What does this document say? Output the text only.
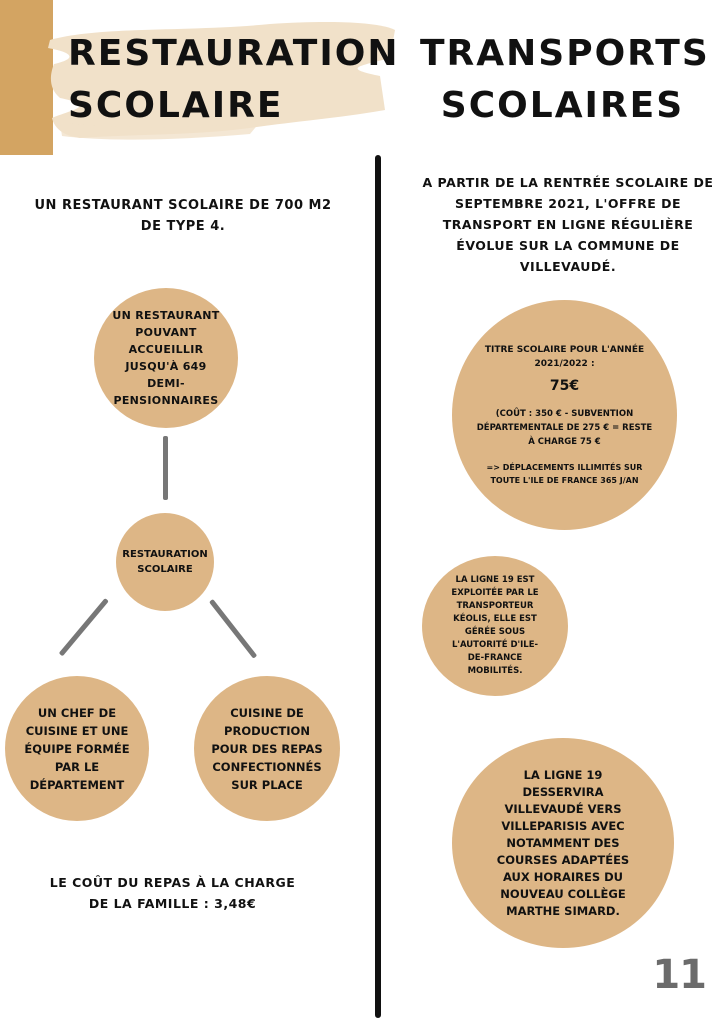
RESTAURATION
SCOLAIRE
TRANSPORTS
SCOLAIRES
UN RESTAURANT SCOLAIRE DE 700 M2 DE TYPE 4.
UN RESTAURANT POUVANT ACCUEILLIR JUSQU'À 649 DEMI-PENSIONNAIRES
RESTAURATION SCOLAIRE
UN CHEF DE CUISINE ET UNE ÉQUIPE FORMÉE PAR LE DÉPARTEMENT
CUISINE DE PRODUCTION POUR DES REPAS CONFECTIONNÉS SUR PLACE
LE COÛT DU REPAS À LA CHARGE DE LA FAMILLE : 3,48€
A PARTIR DE LA RENTRÉE SCOLAIRE DE SEPTEMBRE 2021, L'OFFRE DE TRANSPORT EN LIGNE RÉGULIÈRE ÉVOLUE SUR LA COMMUNE DE VILLEVAUDÉ.
TITRE SCOLAIRE POUR L'ANNÉE 2021/2022 :
75€
(COÛT : 350 € - SUBVENTION DÉPARTEMENTALE DE 275 € = RESTE À CHARGE 75 €
=> DÉPLACEMENTS ILLIMITÉS SUR TOUTE L'ILE DE FRANCE 365 J/AN
LA LIGNE 19 EST EXPLOITÉE PAR LE TRANSPORTEUR KÉOLIS, ELLE EST GÉRÉE SOUS L'AUTORITÉ D'ILE-DE-FRANCE MOBILITÉS.
LA LIGNE 19 DESSERVIRA VILLEVAUDÉ VERS VILLEPARISIS AVEC NOTAMMENT DES COURSES ADAPTÉES AUX HORAIRES DU NOUVEAU COLLÈGE MARTHE SIMARD.
11
